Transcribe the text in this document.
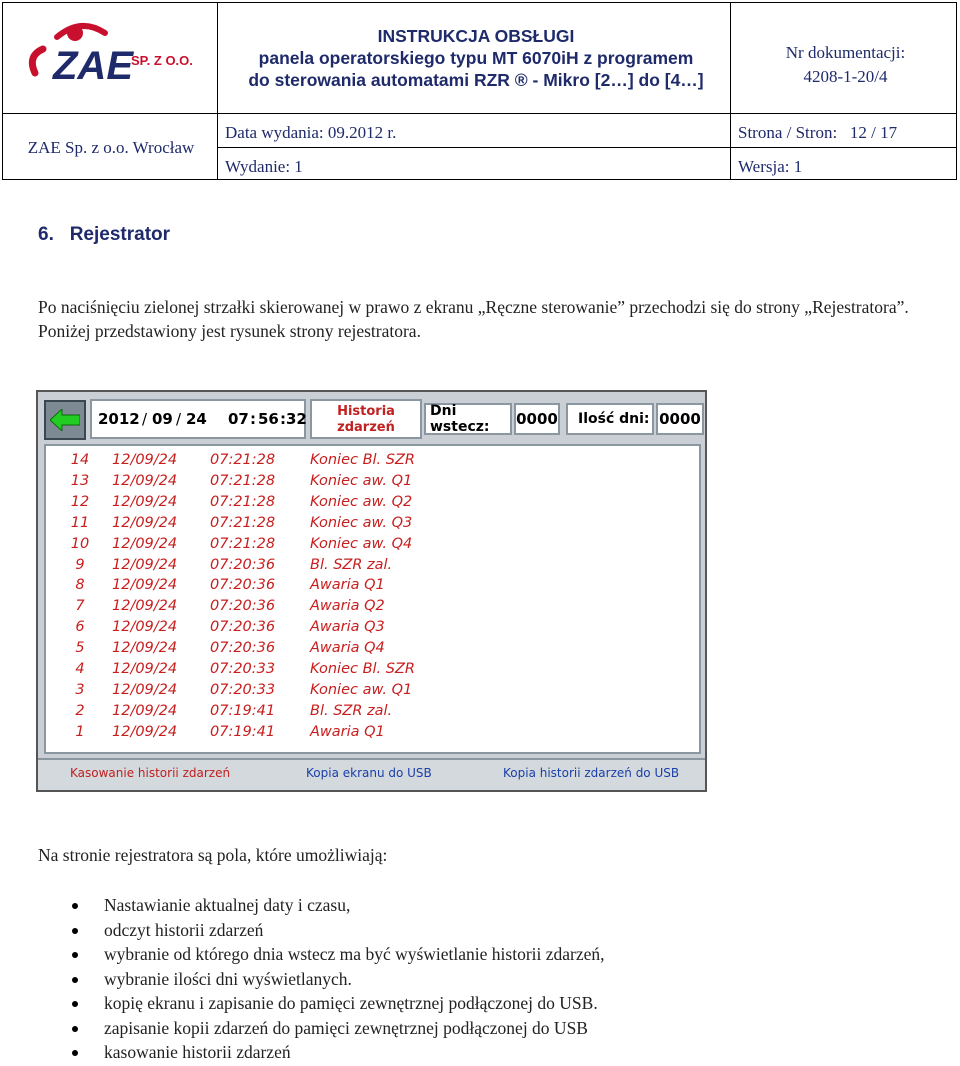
ZAE
SP. Z O.O.
INSTRUKCJA OBSŁUGI
panela operatorskiego typu MT 6070iH z programem
do sterowania automatami RZR ® - Mikro [2…] do [4…]
Nr dokumentacji:
4208-1-20/4
ZAE Sp. z o.o. Wrocław
Data wydania: 09.2012 r.	Strona / Stron:   12 / 17
Wydanie: 1	Wersja: 1
6. Rejestrator
Po naciśnięciu zielonej strzałki skierowanej w prawo z ekranu „Ręczne sterowanie” przechodzi się do strony „Rejestratora”. Poniżej przedstawiony jest rysunek strony rejestratora.
2012 / 09 / 24 07 : 56 : 32	Historia
zdarzeń
Dni wstecz:	0000	Ilość dni: 0000
14	12/09/24 07:21:28 Koniec Bl. SZR
13	12/09/24 07:21:28 Koniec aw. Q1
12	12/09/24 07:21:28 Koniec aw. Q2
11	12/09/24 07:21:28 Koniec aw. Q3
10	12/09/24 07:21:28 Koniec aw. Q4
9	12/09/24 07:20:36 Bl. SZR zal.
8	12/09/24 07:20:36 Awaria Q1
7	12/09/24 07:20:36 Awaria Q2
6	12/09/24 07:20:36 Awaria Q3
5	12/09/24 07:20:36 Awaria Q4
4	12/09/24 07:20:33 Koniec Bl. SZR
3	12/09/24 07:20:33 Koniec aw. Q1
2	12/09/24 07:19:41 Bl. SZR zal.
1	12/09/24 07:19:41 Awaria Q1
Kasowanie historii zdarzeń	Kopia ekranu do USB	Kopia historii zdarzeń do USB
Na stronie rejestratora są pola, które umożliwiają:
Nastawianie aktualnej daty i czasu,
odczyt historii zdarzeń
wybranie od którego dnia wstecz ma być wyświetlanie historii zdarzeń,
wybranie ilości dni wyświetlanych.
kopię ekranu i zapisanie do pamięci zewnętrznej podłączonej do USB.
zapisanie kopii zdarzeń do pamięci zewnętrznej podłączonej do USB
kasowanie historii zdarzeń
